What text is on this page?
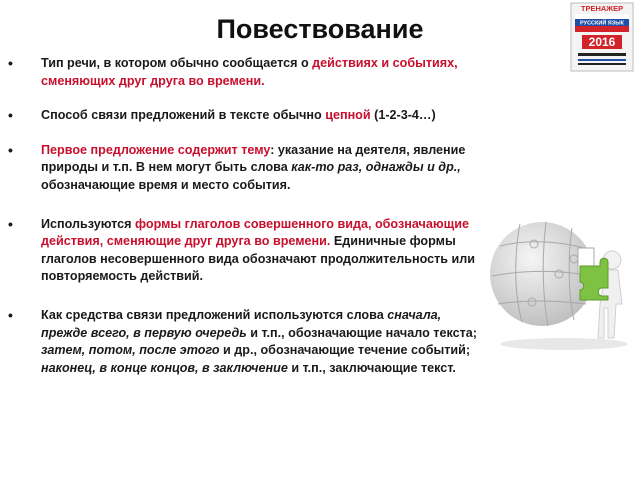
Повествование
ТРЕНАЖЕР
РУССКИЙ ЯЗЫК
2016
• Тип речи, в котором обычно сообщается о действиях и событиях, сменяющих друг друга во времени.
• Способ связи предложений в тексте обычно цепной (1-2-3-4…)
• Первое предложение содержит тему: указание на деятеля, явление природы и т.п. В нем могут быть слова как-то раз, однажды и др., обозначающие время и место события.
• Используются формы глаголов совершенного вида, обозначающие действия, сменяющие друг друга во времени. Единичные формы глаголов несовершенного вида обозначают продолжительность или повторяемость действий.
• Как средства связи предложений используются слова сначала, прежде всего, в первую очередь и т.п., обозначающие начало текста; затем, потом, после этого и др., обозначающие течение событий; наконец, в конце концов, в заключение и т.п., заключающие текст.
